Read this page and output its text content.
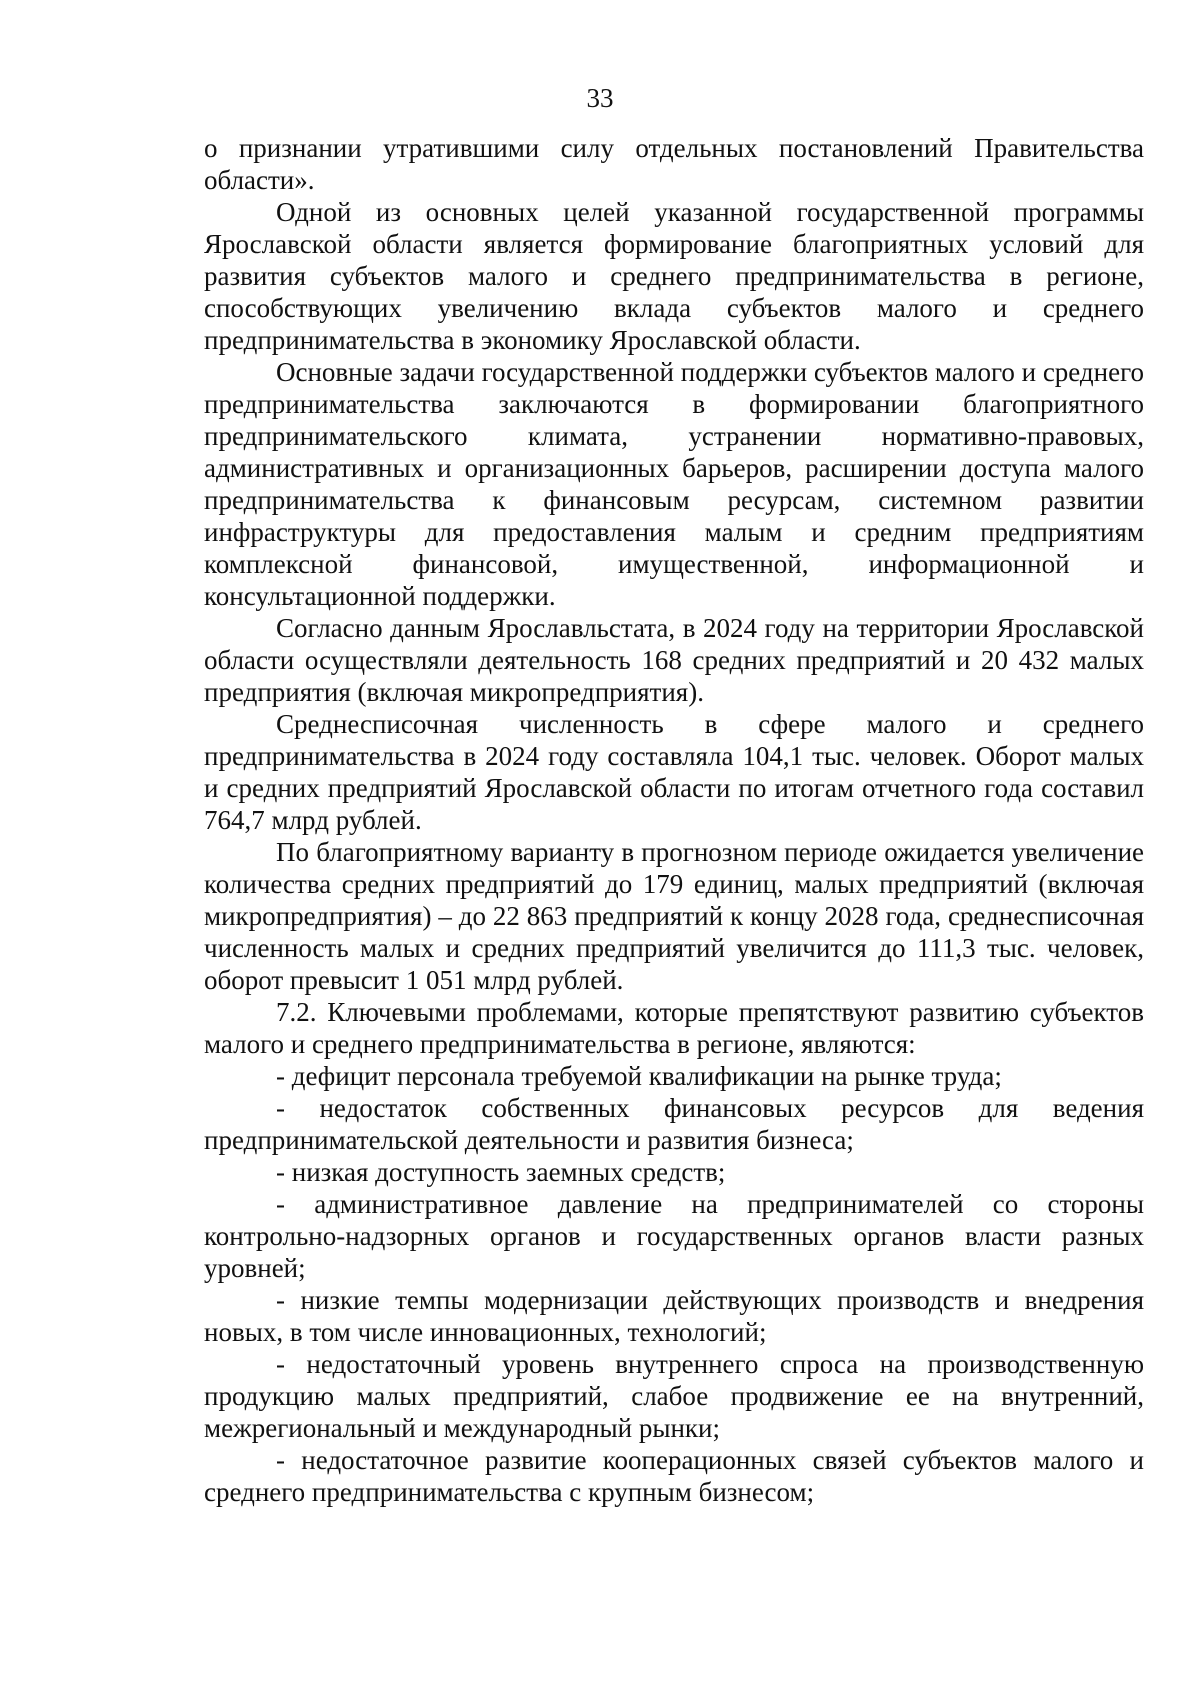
33

о признании утратившими силу отдельных постановлений Правительства области».

Одной из основных целей указанной государственной программы Ярославской области является формирование благоприятных условий для развития субъектов малого и среднего предпринимательства в регионе, способствующих увеличению вклада субъектов малого и среднего предпринимательства в экономику Ярославской области.

Основные задачи государственной поддержки субъектов малого и среднего предпринимательства заключаются в формировании благоприятного предпринимательского климата, устранении нормативно-правовых, административных и организационных барьеров, расширении доступа малого предпринимательства к финансовым ресурсам, системном развитии инфраструктуры для предоставления малым и средним предприятиям комплексной финансовой, имущественной, информационной и консультационной поддержки.

Согласно данным Ярославльстата, в 2024 году на территории Ярославской области осуществляли деятельность 168 средних предприятий и 20 432 малых предприятия (включая микропредприятия).

Среднесписочная численность в сфере малого и среднего предпринимательства в 2024 году составляла 104,1 тыс. человек. Оборот малых и средних предприятий Ярославской области по итогам отчетного года составил 764,7 млрд рублей.

По благоприятному варианту в прогнозном периоде ожидается увеличение количества средних предприятий до 179 единиц, малых предприятий (включая микропредприятия) – до 22 863 предприятий к концу 2028 года, среднесписочная численность малых и средних предприятий увеличится до 111,3 тыс. человек, оборот превысит 1 051 млрд рублей.

7.2. Ключевыми проблемами, которые препятствуют развитию субъектов малого и среднего предпринимательства в регионе, являются:

- дефицит персонала требуемой квалификации на рынке труда;

- недостаток собственных финансовых ресурсов для ведения предпринимательской деятельности и развития бизнеса;

- низкая доступность заемных средств;

- административное давление на предпринимателей со стороны контрольно-надзорных органов и государственных органов власти разных уровней;

- низкие темпы модернизации действующих производств и внедрения новых, в том числе инновационных, технологий;

- недостаточный уровень внутреннего спроса на производственную продукцию малых предприятий, слабое продвижение ее на внутренний, межрегиональный и международный рынки;

- недостаточное развитие кооперационных связей субъектов малого и среднего предпринимательства с крупным бизнесом;
